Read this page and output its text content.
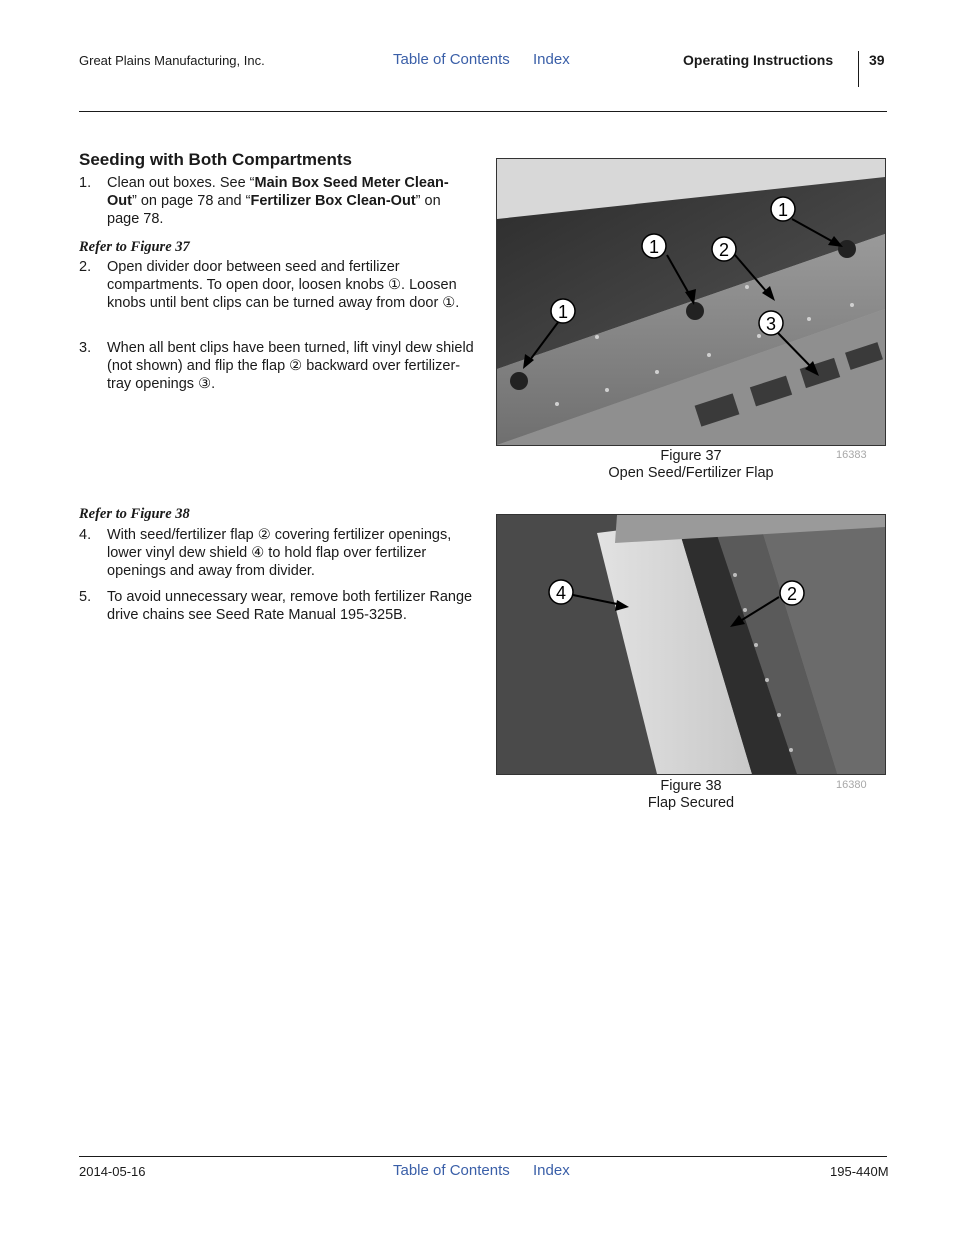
Great Plains Manufacturing, Inc.	Table of Contents Index	Operating Instructions	39
Seeding with Both Compartments
1. Clean out boxes. See “Main Box Seed Meter Clean-Out” on page 78 and “Fertilizer Box Clean-Out” on page 78.
Refer to Figure 37
2. Open divider door between seed and fertilizer compartments. To open door, loosen knobs ①. Loosen knobs until bent clips can be turned away from door ①.
3. When all bent clips have been turned, lift vinyl dew shield (not shown) and flip the flap ② backward over fertilizer-tray openings ③.
1	2
1
1
3
Figure 37
Open Seed/Fertilizer Flap
16383
Refer to Figure 38
4. With seed/fertilizer flap ② covering fertilizer openings, lower vinyl dew shield ④ to hold flap over fertilizer openings and away from divider.
5. To avoid unnecessary wear, remove both fertilizer Range drive chains see Seed Rate Manual 195-325B.
4	2
Figure 38
Flap Secured
16380
2014-05-16	Table of Contents Index	195-440M
